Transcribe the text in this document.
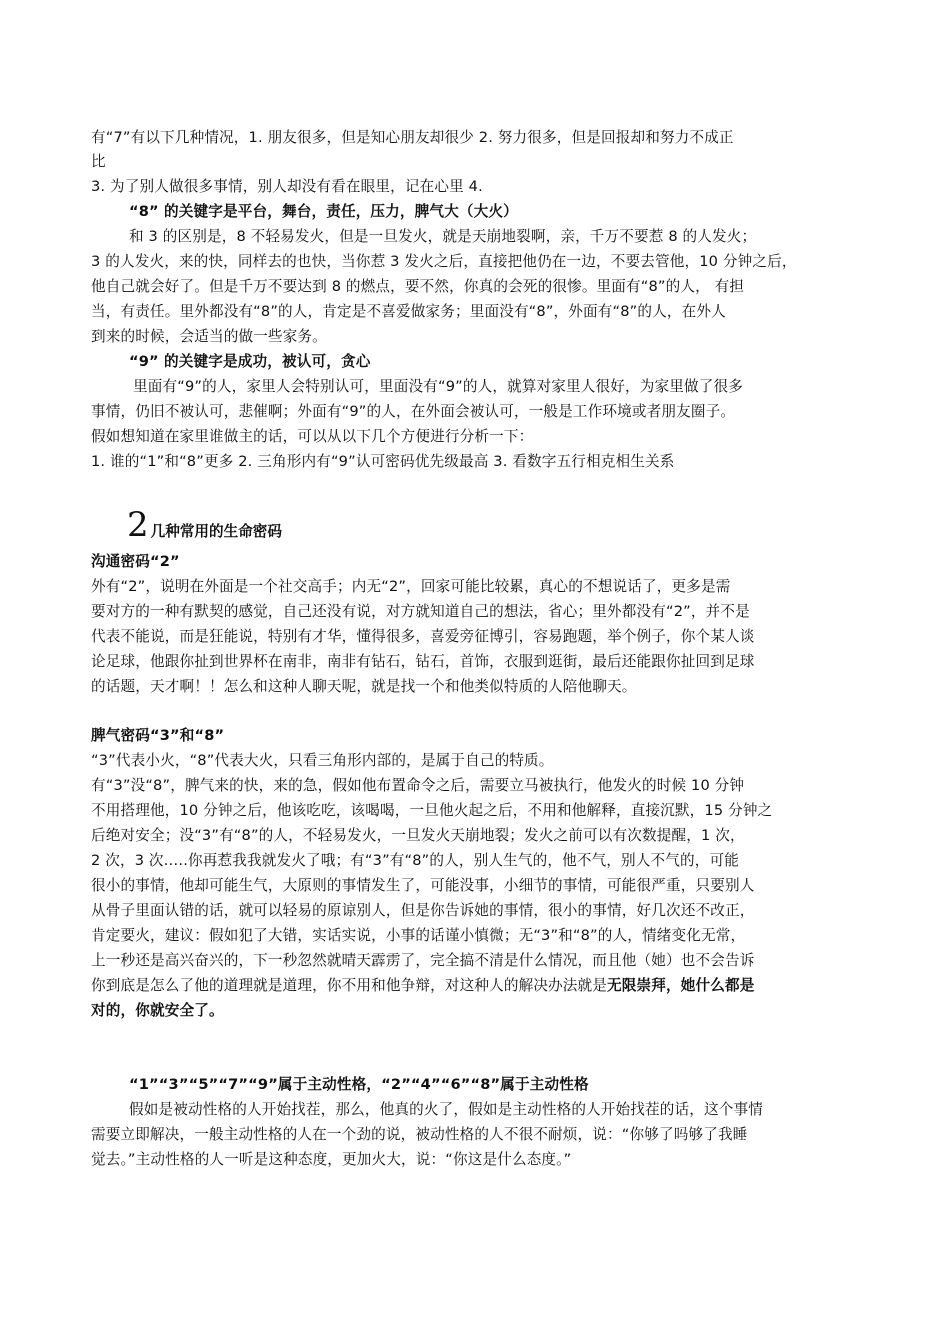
有“7”有以下几种情况，1. 朋友很多，但是知心朋友却很少 2. 努力很多，但是回报却和努力不成正

比

3. 为了别人做很多事情，别人却没有看在眼里，记在心里 4.

“8” 的关键字是平台，舞台，责任，压力，脾气大（大火）

和 3 的区别是，8 不轻易发火，但是一旦发火，就是天崩地裂啊，亲，千万不要惹 8 的人发火；

3 的人发火，来的快，同样去的也快，当你惹 3 发火之后，直接把他仍在一边，不要去管他，10 分钟之后，

他自己就会好了。但是千万不要达到 8 的燃点，要不然，你真的会死的很惨。里面有“8”的人， 有担

当，有责任。里外都没有“8”的人，肯定是不喜爱做家务；里面没有“8”，外面有“8”的人，在外人

到来的时候，会适当的做一些家务。

“9” 的关键字是成功，被认可，贪心

里面有“9”的人，家里人会特别认可，里面没有“9”的人，就算对家里人很好，为家里做了很多

事情，仍旧不被认可，悲催啊；外面有“9”的人，在外面会被认可，一般是工作环境或者朋友圈子。

假如想知道在家里谁做主的话，可以从以下几个方便进行分析一下：

1. 谁的“1”和“8”更多 2. 三角形内有“9”认可密码优先级最高 3. 看数字五行相克相生关系

2 几种常用的生命密码

沟通密码“2”

外有“2”，说明在外面是一个社交高手；内无“2”，回家可能比较累，真心的不想说话了，更多是需

要对方的一种有默契的感觉，自己还没有说，对方就知道自己的想法，省心；里外都没有“2”，并不是

代表不能说，而是狂能说，特别有才华，懂得很多，喜爱旁征博引，容易跑题，举个例子，你个某人谈

论足球，他跟你扯到世界杯在南非，南非有钻石，钻石，首饰，衣服到逛街，最后还能跟你扯回到足球

的话题，天才啊！！怎么和这种人聊天呢，就是找一个和他类似特质的人陪他聊天。

脾气密码“3”和“8”

“3”代表小火，“8”代表大火，只看三角形内部的，是属于自己的特质。

有“3”没“8”，脾气来的快，来的急，假如他布置命令之后，需要立马被执行，他发火的时候 10 分钟

不用搭理他，10 分钟之后，他该吃吃，该喝喝，一旦他火起之后，不用和他解释，直接沉默，15 分钟之

后绝对安全；没“3”有“8”的人，不轻易发火，一旦发火天崩地裂；发火之前可以有次数提醒，1 次，

2 次，3 次…..你再惹我我就发火了哦；有“3”有“8”的人，别人生气的，他不气，别人不气的，可能

很小的事情，他却可能生气，大原则的事情发生了，可能没事，小细节的事情，可能很严重，只要别人

从骨子里面认错的话，就可以轻易的原谅别人，但是你告诉她的事情，很小的事情，好几次还不改正，

肯定要火，建议：假如犯了大错，实话实说，小事的话谨小慎微；无“3”和“8”的人，情绪变化无常，

上一秒还是高兴奋兴的，下一秒忽然就晴天霹雳了，完全搞不清是什么情况，而且他（她）也不会告诉

你到底是怎么了他的道理就是道理，你不用和他争辩，对这种人的解决办法就是无限崇拜，她什么都是

对的，你就安全了。

“1”“3”“5”“7”“9”属于主动性格，“2”“4”“6”“8”属于主动性格

假如是被动性格的人开始找茬，那么，他真的火了，假如是主动性格的人开始找茬的话，这个事情

需要立即解决，一般主动性格的人在一个劲的说，被动性格的人不很不耐烦，说：“你够了吗够了我睡

觉去。”主动性格的人一听是这种态度，更加火大，说：“你这是什么态度。”
